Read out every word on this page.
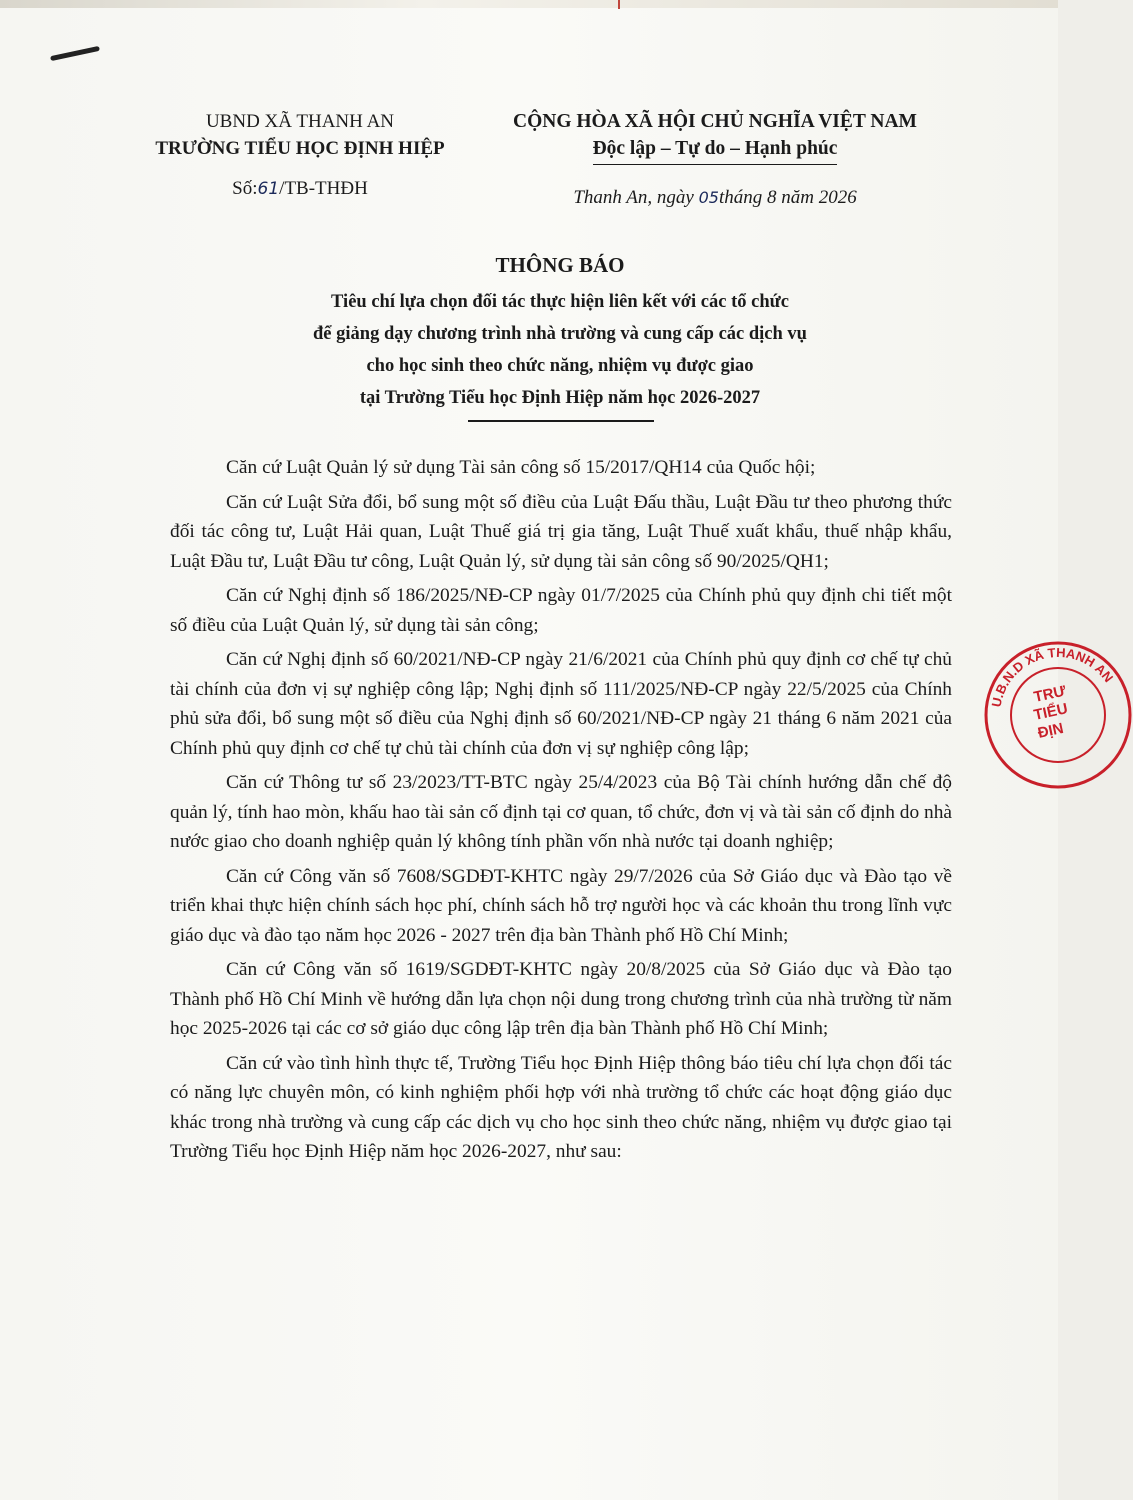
UBND XÃ THANH AN
TRƯỜNG TIỂU HỌC ĐỊNH HIỆP
Số:61/TB-THĐH
CỘNG HÒA XÃ HỘI CHỦ NGHĨA VIỆT NAM
Độc lập – Tự do – Hạnh phúc
Thanh An, ngày 05tháng 8 năm 2026
THÔNG BÁO
Tiêu chí lựa chọn đối tác thực hiện liên kết với các tổ chức
để giảng dạy chương trình nhà trường và cung cấp các dịch vụ
cho học sinh theo chức năng, nhiệm vụ được giao
tại Trường Tiểu học Định Hiệp năm học 2026-2027

Căn cứ Luật Quản lý sử dụng Tài sản công số 15/2017/QH14 của Quốc hội;

Căn cứ Luật Sửa đổi, bổ sung một số điều của Luật Đấu thầu, Luật Đầu tư theo phương thức đối tác công tư, Luật Hải quan, Luật Thuế giá trị gia tăng, Luật Thuế xuất khẩu, thuế nhập khẩu, Luật Đầu tư, Luật Đầu tư công, Luật Quản lý, sử dụng tài sản công số 90/2025/QH1;

Căn cứ Nghị định số 186/2025/NĐ-CP ngày 01/7/2025 của Chính phủ quy định chi tiết một số điều của Luật Quản lý, sử dụng tài sản công;

Căn cứ Nghị định số 60/2021/NĐ-CP ngày 21/6/2021 của Chính phủ quy định cơ chế tự chủ tài chính của đơn vị sự nghiệp công lập; Nghị định số 111/2025/NĐ-CP ngày 22/5/2025 của Chính phủ sửa đổi, bổ sung một số điều của Nghị định số 60/2021/NĐ-CP ngày 21 tháng 6 năm 2021 của Chính phủ quy định cơ chế tự chủ tài chính của đơn vị sự nghiệp công lập;

Căn cứ Thông tư số 23/2023/TT-BTC ngày 25/4/2023 của Bộ Tài chính hướng dẫn chế độ quản lý, tính hao mòn, khấu hao tài sản cố định tại cơ quan, tổ chức, đơn vị và tài sản cố định do nhà nước giao cho doanh nghiệp quản lý không tính phần vốn nhà nước tại doanh nghiệp;

Căn cứ Công văn số 7608/SGDĐT-KHTC ngày 29/7/2026 của Sở Giáo dục và Đào tạo về triển khai thực hiện chính sách học phí, chính sách hỗ trợ người học và các khoản thu trong lĩnh vực giáo dục và đào tạo năm học 2026 - 2027 trên địa bàn Thành phố Hồ Chí Minh;

Căn cứ Công văn số 1619/SGDĐT-KHTC ngày 20/8/2025 của Sở Giáo dục và Đào tạo Thành phố Hồ Chí Minh về hướng dẫn lựa chọn nội dung trong chương trình của nhà trường từ năm học 2025-2026 tại các cơ sở giáo dục công lập trên địa bàn Thành phố Hồ Chí Minh;

Căn cứ vào tình hình thực tế, Trường Tiểu học Định Hiệp thông báo tiêu chí lựa chọn đối tác có năng lực chuyên môn, có kinh nghiệm phối hợp với nhà trường tổ chức các hoạt động giáo dục khác trong nhà trường và cung cấp các dịch vụ cho học sinh theo chức năng, nhiệm vụ được giao tại Trường Tiểu học Định Hiệp năm học 2026-2027, như sau:

U.B.N.D XÃ THANH AN
TRƯ
TIỂU
ĐỊN
